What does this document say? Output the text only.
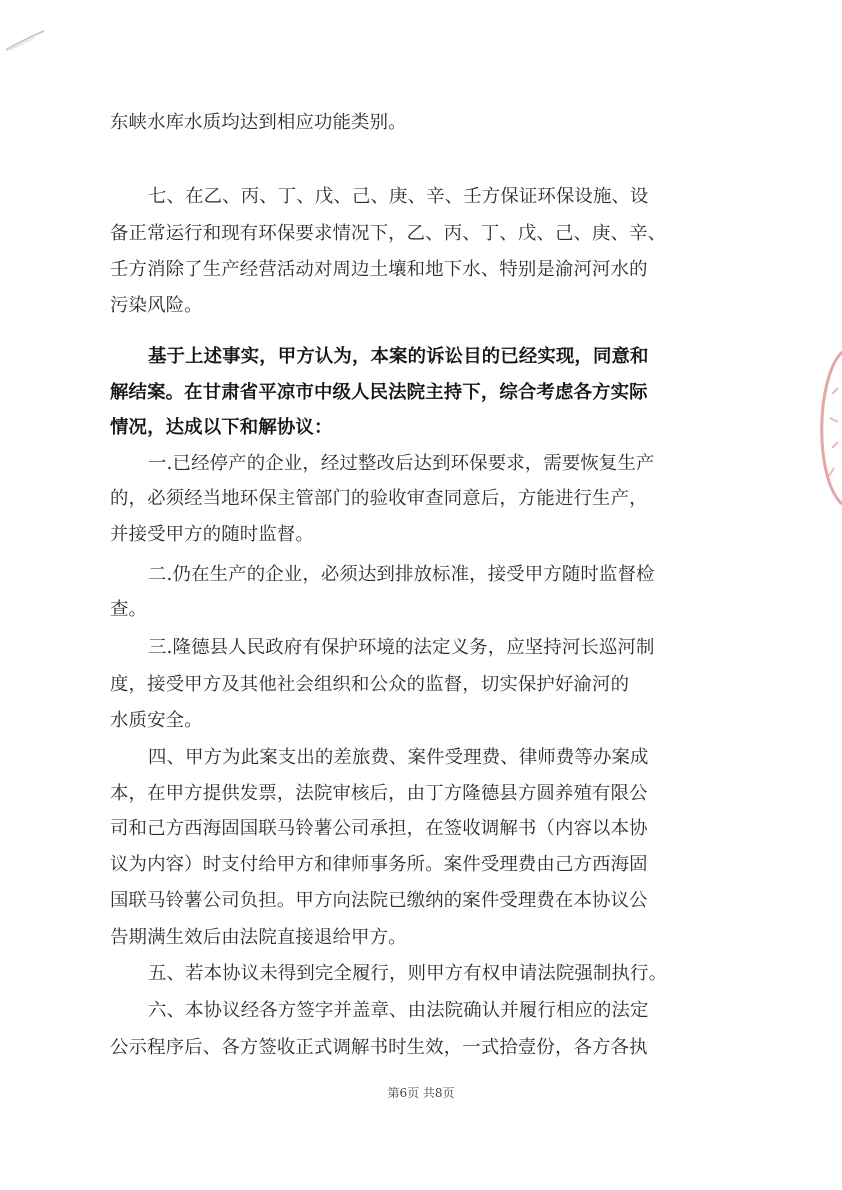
东峡水库水质均达到相应功能类别。

七、在乙、丙、丁、戊、己、庚、辛、壬方保证环保设施、设

备正常运行和现有环保要求情况下，乙、丙、丁、戊、己、庚、辛、

壬方消除了生产经营活动对周边土壤和地下水、特别是渝河河水的

污染风险。

基于上述事实，甲方认为，本案的诉讼目的已经实现，同意和

解结案。在甘肃省平凉市中级人民法院主持下，综合考虑各方实际

情况，达成以下和解协议：

一.已经停产的企业，经过整改后达到环保要求，需要恢复生产

的，必须经当地环保主管部门的验收审查同意后，方能进行生产，

并接受甲方的随时监督。

二.仍在生产的企业，必须达到排放标准，接受甲方随时监督检

查。

三.隆德县人民政府有保护环境的法定义务，应坚持河长巡河制

度，接受甲方及其他社会组织和公众的监督，切实保护好渝河的

水质安全。

四、甲方为此案支出的差旅费、案件受理费、律师费等办案成

本，在甲方提供发票，法院审核后，由丁方隆德县方圆养殖有限公

司和己方西海固国联马铃薯公司承担，在签收调解书（内容以本协

议为内容）时支付给甲方和律师事务所。案件受理费由己方西海固

国联马铃薯公司负担。甲方向法院已缴纳的案件受理费在本协议公

告期满生效后由法院直接退给甲方。

五、若本协议未得到完全履行，则甲方有权申请法院强制执行。

六、本协议经各方签字并盖章、由法院确认并履行相应的法定

公示程序后、各方签收正式调解书时生效，一式拾壹份，各方各执

第6页 共8页
